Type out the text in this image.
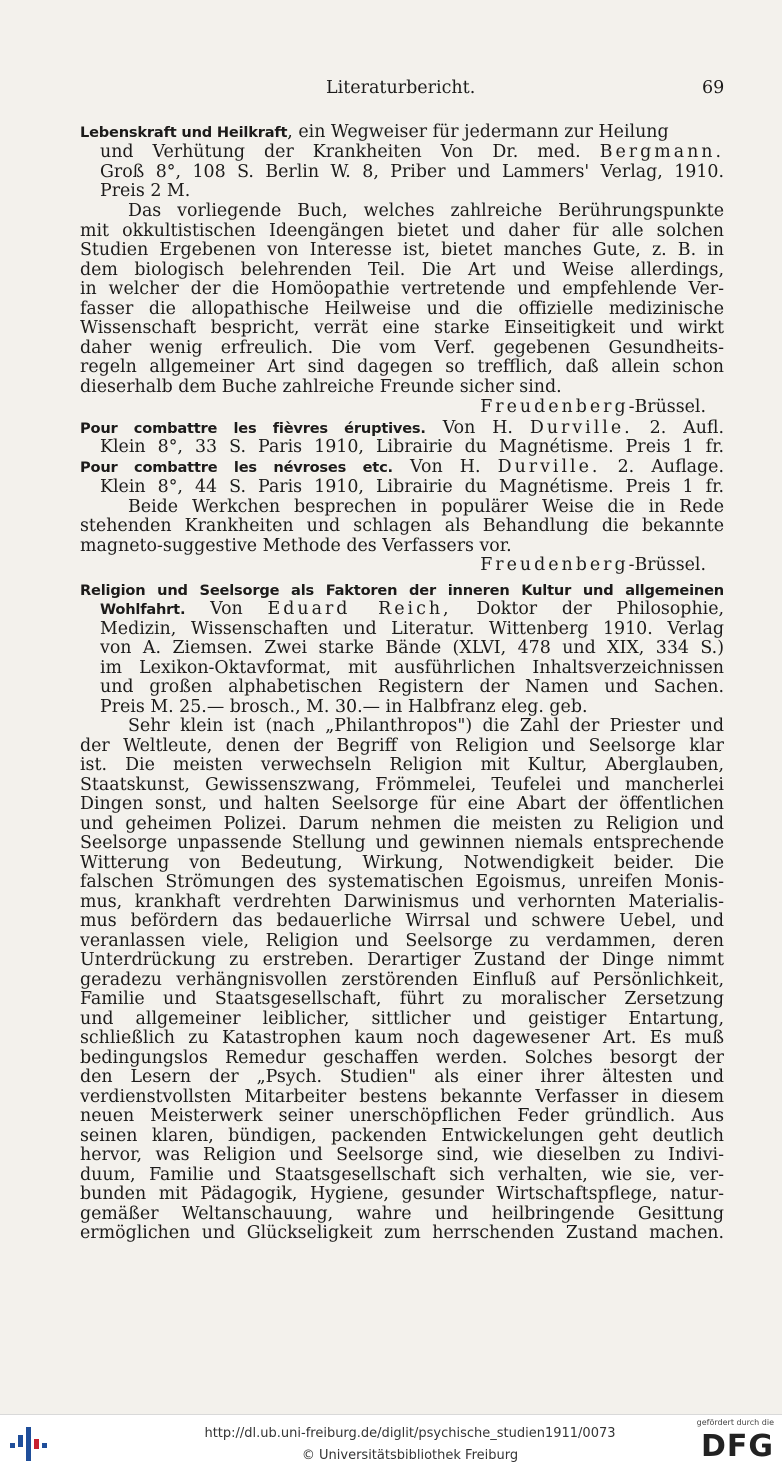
Literaturbericht.	69
Lebenskraft und Heilkraft, ein Wegweiser für jedermann zur Heilung
und Verhütung der Krankheiten Von Dr. med. Bergmann.
Groß 8°, 108 S. Berlin W. 8, Priber und Lammers' Verlag, 1910.
Preis 2 M.
Das vorliegende Buch, welches zahlreiche Berührungspunkte
mit okkultistischen Ideengängen bietet und daher für alle solchen
Studien Ergebenen von Interesse ist, bietet manches Gute, z. B. in
dem biologisch belehrenden Teil. Die Art und Weise allerdings,
in welcher der die Homöopathie vertretende und empfehlende Ver-
fasser die allopathische Heilweise und die offizielle medizinische
Wissenschaft bespricht, verrät eine starke Einseitigkeit und wirkt
daher wenig erfreulich. Die vom Verf. gegebenen Gesundheits-
regeln allgemeiner Art sind dagegen so trefflich, daß allein schon
dieserhalb dem Buche zahlreiche Freunde sicher sind.
Freudenberg-Brüssel.
Pour combattre les fièvres éruptives. Von H. Durville. 2. Aufl.
Klein 8°, 33 S. Paris 1910, Librairie du Magnétisme. Preis 1 fr.
Pour combattre les névroses etc. Von H. Durville. 2. Auflage.
Klein 8°, 44 S. Paris 1910, Librairie du Magnétisme. Preis 1 fr.
Beide Werkchen besprechen in populärer Weise die in Rede
stehenden Krankheiten und schlagen als Behandlung die bekannte
magneto-suggestive Methode des Verfassers vor.
Freudenberg-Brüssel.
Religion und Seelsorge als Faktoren der inneren Kultur und allgemeinen
Wohlfahrt. Von Eduard Reich, Doktor der Philosophie,
Medizin, Wissenschaften und Literatur. Wittenberg 1910. Verlag
von A. Ziemsen. Zwei starke Bände (XLVI, 478 und XIX, 334 S.)
im Lexikon-Oktavformat, mit ausführlichen Inhaltsverzeichnissen
und großen alphabetischen Registern der Namen und Sachen.
Preis M. 25.— brosch., M. 30.— in Halbfranz eleg. geb.
Sehr klein ist (nach „Philanthropos") die Zahl der Priester und
der Weltleute, denen der Begriff von Religion und Seelsorge klar
ist. Die meisten verwechseln Religion mit Kultur, Aberglauben,
Staatskunst, Gewissenszwang, Frömmelei, Teufelei und mancherlei
Dingen sonst, und halten Seelsorge für eine Abart der öffentlichen
und geheimen Polizei. Darum nehmen die meisten zu Religion und
Seelsorge unpassende Stellung und gewinnen niemals entsprechende
Witterung von Bedeutung, Wirkung, Notwendigkeit beider. Die
falschen Strömungen des systematischen Egoismus, unreifen Monis-
mus, krankhaft verdrehten Darwinismus und verhornten Materialis-
mus befördern das bedauerliche Wirrsal und schwere Uebel, und
veranlassen viele, Religion und Seelsorge zu verdammen, deren
Unterdrückung zu erstreben. Derartiger Zustand der Dinge nimmt
geradezu verhängnisvollen zerstörenden Einfluß auf Persönlichkeit,
Familie und Staatsgesellschaft, führt zu moralischer Zersetzung
und allgemeiner leiblicher, sittlicher und geistiger Entartung,
schließlich zu Katastrophen kaum noch dagewesener Art. Es muß
bedingungslos Remedur geschaffen werden. Solches besorgt der
den Lesern der „Psych. Studien" als einer ihrer ältesten und
verdienstvollsten Mitarbeiter bestens bekannte Verfasser in diesem
neuen Meisterwerk seiner unerschöpflichen Feder gründlich. Aus
seinen klaren, bündigen, packenden Entwickelungen geht deutlich
hervor, was Religion und Seelsorge sind, wie dieselben zu Indivi-
duum, Familie und Staatsgesellschaft sich verhalten, wie sie, ver-
bunden mit Pädagogik, Hygiene, gesunder Wirtschaftspflege, natur-
gemäßer Weltanschauung, wahre und heilbringende Gesittung
ermöglichen und Glückseligkeit zum herrschenden Zustand machen.
http://dl.ub.uni-freiburg.de/diglit/psychische_studien1911/0073
© Universitätsbibliothek Freiburg
gefördert durch die
DFG
